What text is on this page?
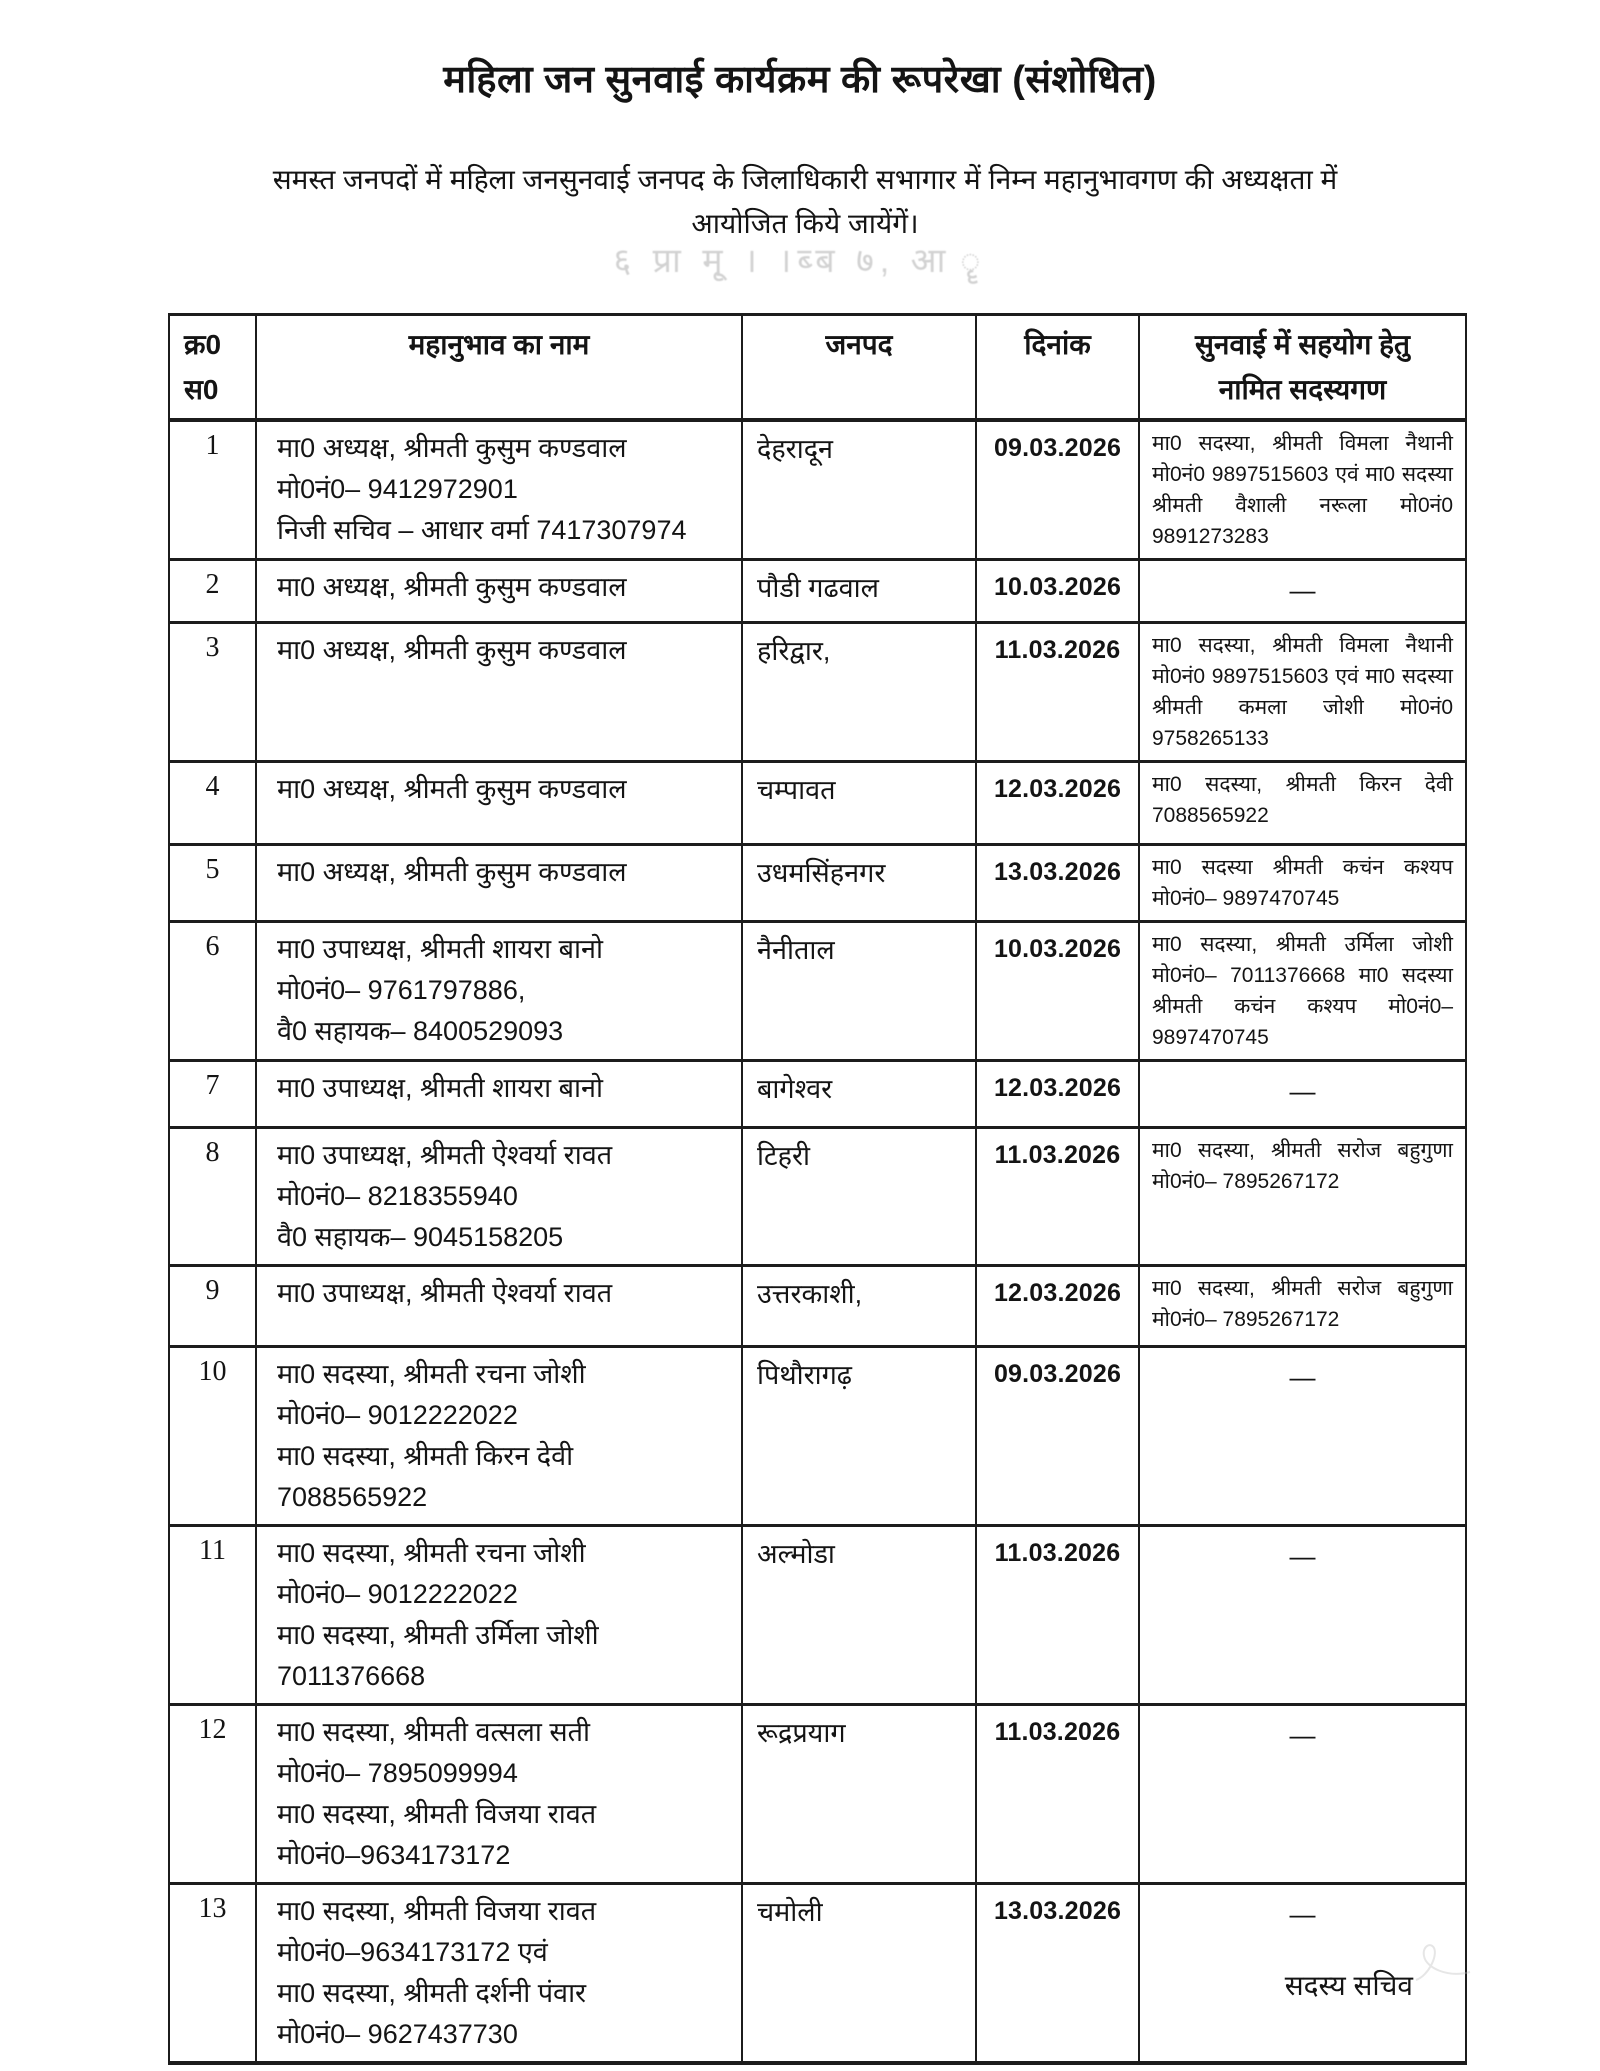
महिला जन सुनवाई कार्यक्रम की रूपरेखा (संशोधित)
समस्त जनपदों में महिला जनसुनवाई जनपद के जिलाधिकारी सभागार में निम्न महानुभावगण की अध्यक्षता में आयोजित किये जायेंगें।
६ प्रा मृ् । ।ब्ब ७, आ ॄ
क्र0
स0
	महानुभाव का नाम	जनपद	दिनांक	सुनवाई में सहयोग हेतु
नामित सदस्यगण

1	मा0 अध्यक्ष, श्रीमती कुसुम कण्डवाल
मो0नं0– 9412972901
निजी सचिव – आधार वर्मा 7417307974	देहरादून	09.03.2026	मा0 सदस्या, श्रीमती विमला नैथानी मो0नं0 9897515603 एवं मा0 सदस्या श्रीमती वैशाली नरूला मो0नं0 9891273283
2	मा0 अध्यक्ष, श्रीमती कुसुम कण्डवाल	पौडी गढवाल	10.03.2026	—
3	मा0 अध्यक्ष, श्रीमती कुसुम कण्डवाल	हरिद्वार,	11.03.2026	मा0 सदस्या, श्रीमती विमला नैथानी मो0नं0 9897515603 एवं मा0 सदस्या श्रीमती कमला जोशी मो0नं0 9758265133
4	मा0 अध्यक्ष, श्रीमती कुसुम कण्डवाल	चम्पावत	12.03.2026	मा0 सदस्या, श्रीमती किरन देवी 7088565922
5	मा0 अध्यक्ष, श्रीमती कुसुम कण्डवाल	उधमसिंहनगर	13.03.2026	मा0 सदस्या श्रीमती कचंन कश्यप मो0नं0– 9897470745
6	मा0 उपाध्यक्ष, श्रीमती शायरा बानो
मो0नं0– 9761797886,
वै0 सहायक– 8400529093	नैनीताल	10.03.2026	मा0 सदस्या, श्रीमती उर्मिला जोशी मो0नं0– 7011376668 मा0 सदस्या श्रीमती कचंन कश्यप मो0नं0– 9897470745
7	मा0 उपाध्यक्ष, श्रीमती शायरा बानो	बागेश्वर	12.03.2026	—
8	मा0 उपाध्यक्ष, श्रीमती ऐश्वर्या रावत
मो0नं0– 8218355940
वै0 सहायक– 9045158205	टिहरी	11.03.2026	मा0 सदस्या, श्रीमती सरोज बहुगुणा मो0नं0– 7895267172
9	मा0 उपाध्यक्ष, श्रीमती ऐश्वर्या रावत	उत्तरकाशी,	12.03.2026	मा0 सदस्या, श्रीमती सरोज बहुगुणा मो0नं0– 7895267172
10	मा0 सदस्या, श्रीमती रचना जोशी
मो0नं0– 9012222022
मा0 सदस्या, श्रीमती किरन देवी
7088565922	पिथौरागढ़	09.03.2026	—
11	मा0 सदस्या, श्रीमती रचना जोशी
मो0नं0– 9012222022
मा0 सदस्या, श्रीमती उर्मिला जोशी
7011376668	अल्मोडा	11.03.2026	—
12	मा0 सदस्या, श्रीमती वत्सला सती
मो0नं0– 7895099994
मा0 सदस्या, श्रीमती विजया रावत
मो0नं0–9634173172	रूद्रप्रयाग	11.03.2026	—
13	मा0 सदस्या, श्रीमती विजया रावत
मो0नं0–9634173172 एवं
मा0 सदस्या, श्रीमती दर्शनी पंवार
मो0नं0– 9627437730	चमोली	13.03.2026	—
सदस्य सचिव
